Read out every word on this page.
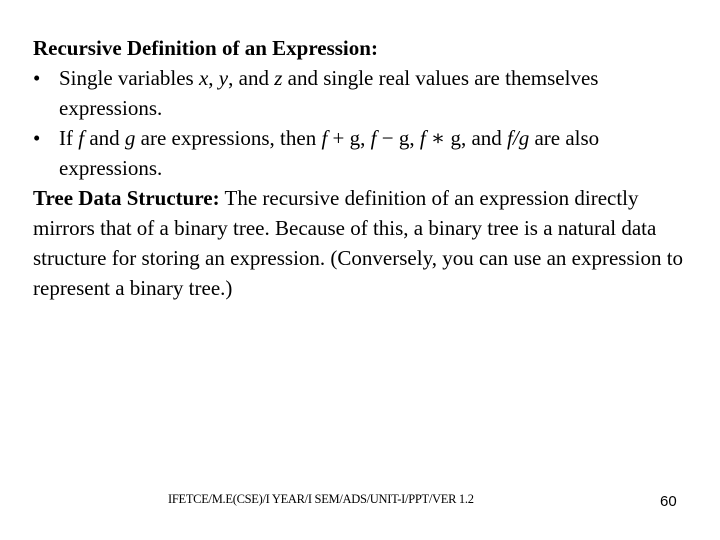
Recursive Definition of an Expression:
• Single variables x, y, and z and single real values are themselves expressions.
• If f and g are expressions, then f + g, f − g, f ∗ g, and f/g are also expressions.
Tree Data Structure: The recursive definition of an expression directly mirrors that of a binary tree. Because of this, a binary tree is a natural data structure for storing an expression. (Conversely, you can use an expression to represent a binary tree.)
IFETCE/M.E(CSE)/I YEAR/I SEM/ADS/UNIT-I/PPT/VER 1.2	60
